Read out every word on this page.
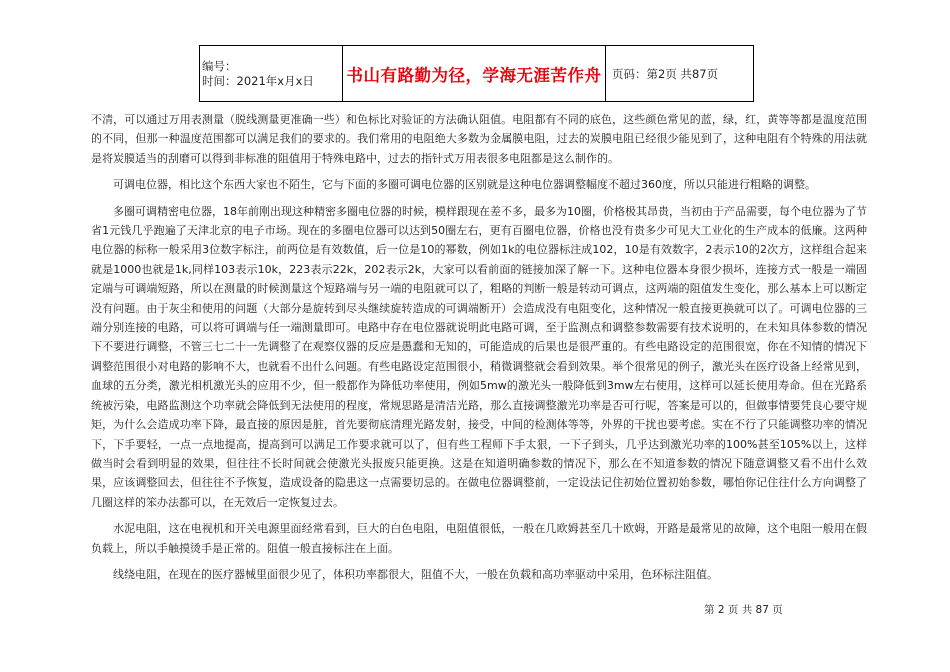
编号：
时间：2021年x月x日	书山有路勤为径，学海无涯苦作舟	页码：第2页 共87页

不清，可以通过万用表测量（脱线测量更准确一些）和色标比对验证的方法确认阻值。电阻都有不同的底色，这些颜色常见的蓝，绿，红，黄等等都是温度范围的不同，但那一种温度范围都可以满足我们的要求的。我们常用的电阻绝大多数为金属膜电阻，过去的炭膜电阻已经很少能见到了，这种电阻有个特殊的用法就是将炭膜适当的刮磨可以得到非标准的阻值用于特殊电路中，过去的指针式万用表很多电阻都是这么制作的。

可调电位器，相比这个东西大家也不陌生，它与下面的多圈可调电位器的区别就是这种电位器调整幅度不超过360度，所以只能进行粗略的调整。

多圈可调精密电位器，18年前刚出现这种精密多圈电位器的时候，模样跟现在差不多，最多为10圈，价格极其昂贵，当初由于产品需要，每个电位器为了节省1元钱几乎跑遍了天津北京的电子市场。现在的多圈电位器可以达到50圈左右，更有百圈电位器，价格也没有贵多少可见大工业化的生产成本的低廉。这两种电位器的标称一般采用3位数字标注，前两位是有效数值，后一位是10的幂数，例如1k的电位器标注成102，10是有效数字，2表示10的2次方，这样组合起来就是1000也就是1k,同样103表示10k，223表示22k，202表示2k，大家可以看前面的链接加深了解一下。这种电位器本身很少损坏，连接方式一般是一端固定端与可调端短路，所以在测量的时候测量这个短路端与另一端的电阻就可以了，粗略的判断一般是转动可调点，这两端的阻值发生变化，那么基本上可以断定没有问题。由于灰尘和使用的问题（大部分是旋转到尽头继续旋转造成的可调端断开）会造成没有电阻变化，这种情况一般直接更换就可以了。可调电位器的三端分别连接的电路，可以将可调端与任一端测量即可。电路中存在电位器就说明此电路可调，至于监测点和调整参数需要有技术说明的，在未知具体参数的情况下不要进行调整，不管三七二十一先调整了在观察仪器的反应是愚蠢和无知的，可能造成的后果也是很严重的。有些电路设定的范围很宽，你在不知情的情况下调整范围很小对电路的影响不大，也就看不出什么问题。有些电路设定范围很小，稍微调整就会看到效果。举个很常见的例子，激光头在医疗设备上经常见到，血球的五分类，激光相机激光头的应用不少，但一般都作为降低功率使用，例如5mw的激光头一般降低到3mw左右使用，这样可以延长使用寿命。但在光路系统被污染，电路监测这个功率就会降低到无法使用的程度，常规思路是清洁光路，那么直接调整激光功率是否可行呢，答案是可以的，但做事情要凭良心要守规矩，为什么会造成功率下降，最直接的原因是脏，首先要彻底清理光路发射，接受，中间的检测体等等，外界的干扰也要考虑。实在不行了只能调整功率的情况下，下手要轻，一点一点地提高，提高到可以满足工作要求就可以了，但有些工程师下手太狠，一下子到头，几乎达到激光功率的100%甚至105%以上，这样做当时会看到明显的效果，但往往不长时间就会使激光头报废只能更换。这是在知道明确参数的情况下，那么在不知道参数的情况下随意调整又看不出什么效果，应该调整回去，但往往不予恢复，造成设备的隐患这一点需要切忌的。在做电位器调整前，一定设法记住初始位置初始参数，哪怕你记住往什么方向调整了几圈这样的笨办法都可以，在无效后一定恢复过去。

水泥电阻，这在电视机和开关电源里面经常看到，巨大的白色电阻，电阻值很低，一般在几欧姆甚至几十欧姆，开路是最常见的故障，这个电阻一般用在假负载上，所以手触摸烫手是正常的。阻值一般直接标注在上面。

线绕电阻，在现在的医疗器械里面很少见了，体积功率都很大，阻值不大，一般在负载和高功率驱动中采用，色环标注阻值。

第 2 页 共 87 页
